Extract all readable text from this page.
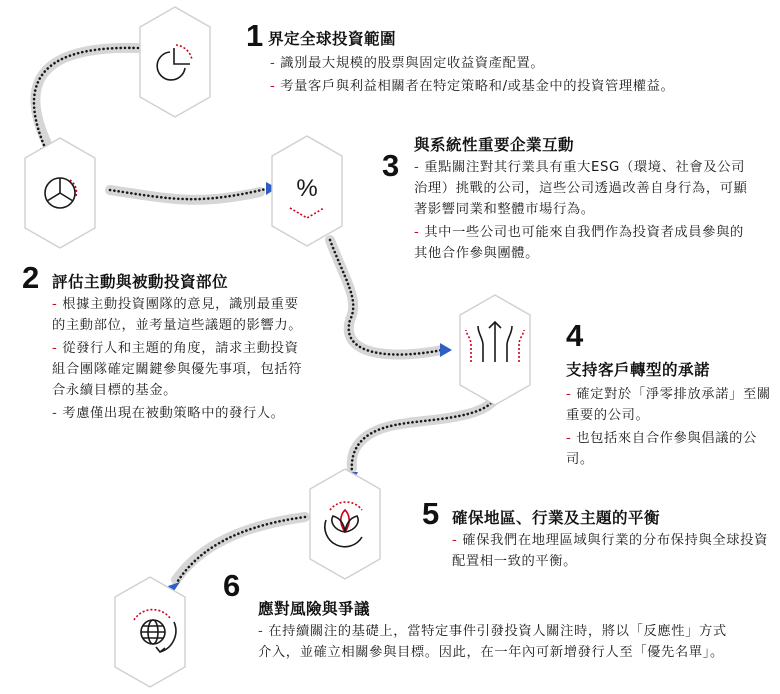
%
1 界定全球投資範圍

- 識別最大規模的股票與固定收益資產配置。

- 考量客戶與利益相關者在特定策略和/或基金中的投資管理權益。

2 評估主動與被動投資部位

- 根據主動投資團隊的意見，識別最重要的主動部位，並考量這些議題的影響力。

- 從發行人和主題的角度，請求主動投資組合團隊確定關鍵參與優先事項，包括符合永續目標的基金。

- 考慮僅出現在被動策略中的發行人。

與系統性重要企業互動
3 - 重點關注對其行業具有重大ESG（環境、社會及公司治理）挑戰的公司，這些公司透過改善自身行為，可顯著影響同業和整體市場行為。

- 其中一些公司也可能來自我們作為投資者成員參與的其他合作參與團體。

4
支持客戶轉型的承諾

- 確定對於「淨零排放承諾」至關重要的公司。

- 也包括來自合作參與倡議的公司。

5 確保地區、行業及主題的平衡

- 確保我們在地理區域與行業的分布保持與全球投資配置相一致的平衡。

6
應對風險與爭議

- 在持續關注的基礎上，當特定事件引發投資人關注時，將以「反應性」方式介入，並確立相關參與目標。因此，在一年內可新增發行人至「優先名單」。
